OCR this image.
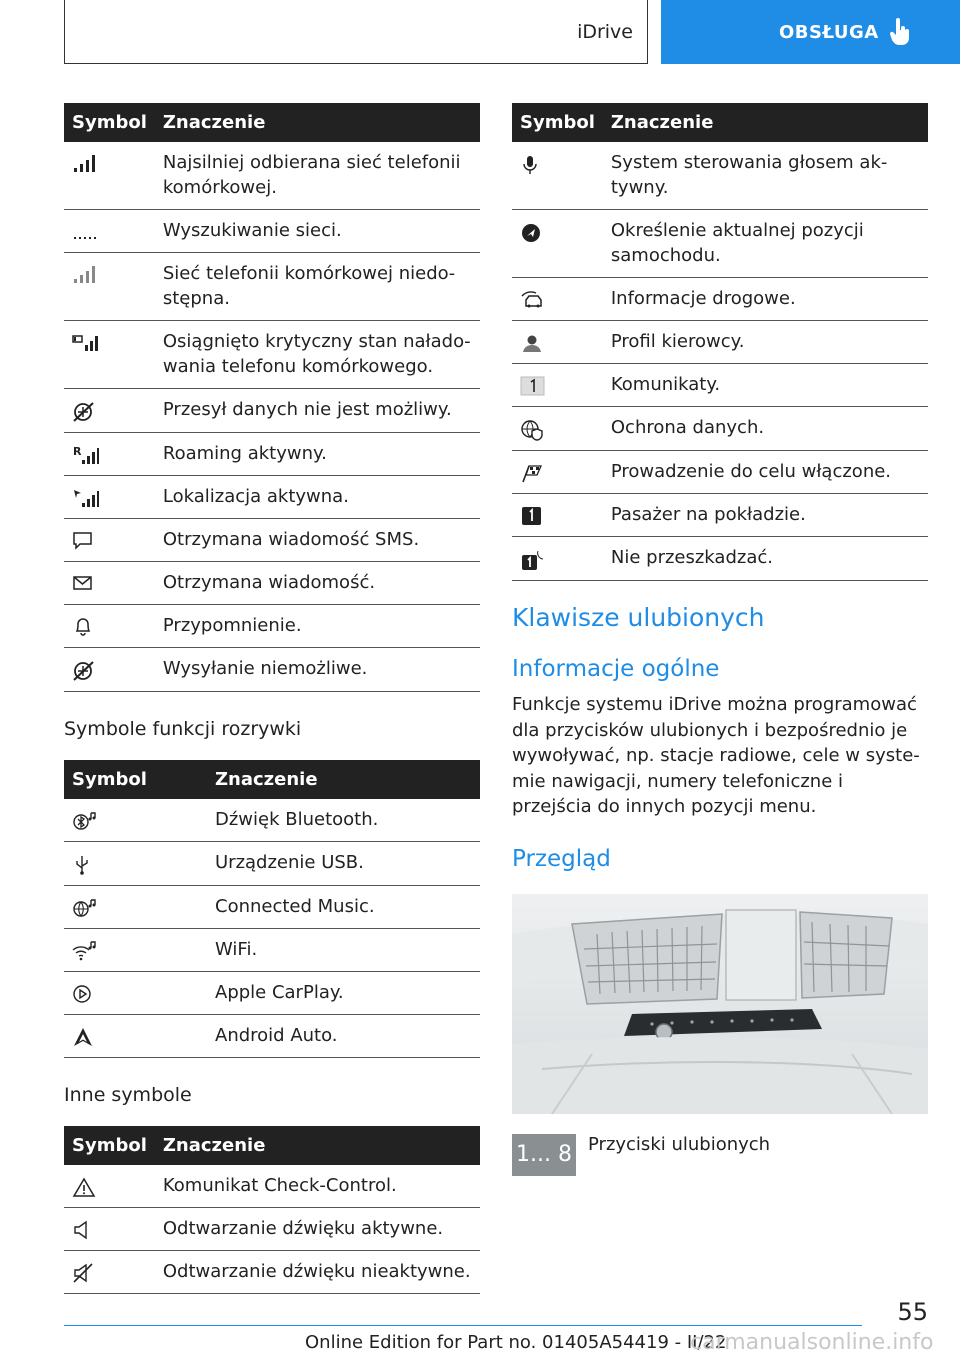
iDrive	OBSŁUGA
Symbol	Znaczenie

	Najsilniej odbierana sieć telefonii komórkowej.

	Wyszukiwanie sieci.

	Sieć telefonii komórkowej niedostępna.

	Osiągnięto krytyczny stan naładowania telefonu komórkowego.

	Przesył danych nie jest możliwy.

R	Roaming aktywny.

	Lokalizacja aktywna.

	Otrzymana wiadomość SMS.

	Otrzymana wiadomość.

	Przypomnienie.

	Wysyłanie niemożliwe.

Symbole funkcji rozrywki

Symbol	Znaczenie

	Dźwięk Bluetooth.

	Urządzenie USB.

	Connected Music.

	WiFi.

	Apple CarPlay.

	Android Auto.

Inne symbole

Symbol	Znaczenie

	Komunikat Check-Control.

	Odtwarzanie dźwięku aktywne.

	Odtwarzanie dźwięku nieaktywne.
Symbol	Znaczenie

	System sterowania głosem aktywny.

	Określenie aktualnej pozycji samochodu.

	Informacje drogowe.

	Profil kierowcy.

	Komunikaty.

	Ochrona danych.

	Prowadzenie do celu włączone.

	Pasażer na pokładzie.

	Nie przeszkadzać.
Klawisze ulubionych
Informacje ogólne

Funkcje systemu iDrive można programować dla przycisków ulubionych i bezpośrednio je wywoływać, np. stacje radiowe, cele w systemie nawigacji, numery telefoniczne i przejścia do innych pozycji menu.

Przegląd
1... 8 Przyciski ulubionych

55
Online Edition for Part no. 01405A54419 - II/22
carmanualsonline.info
